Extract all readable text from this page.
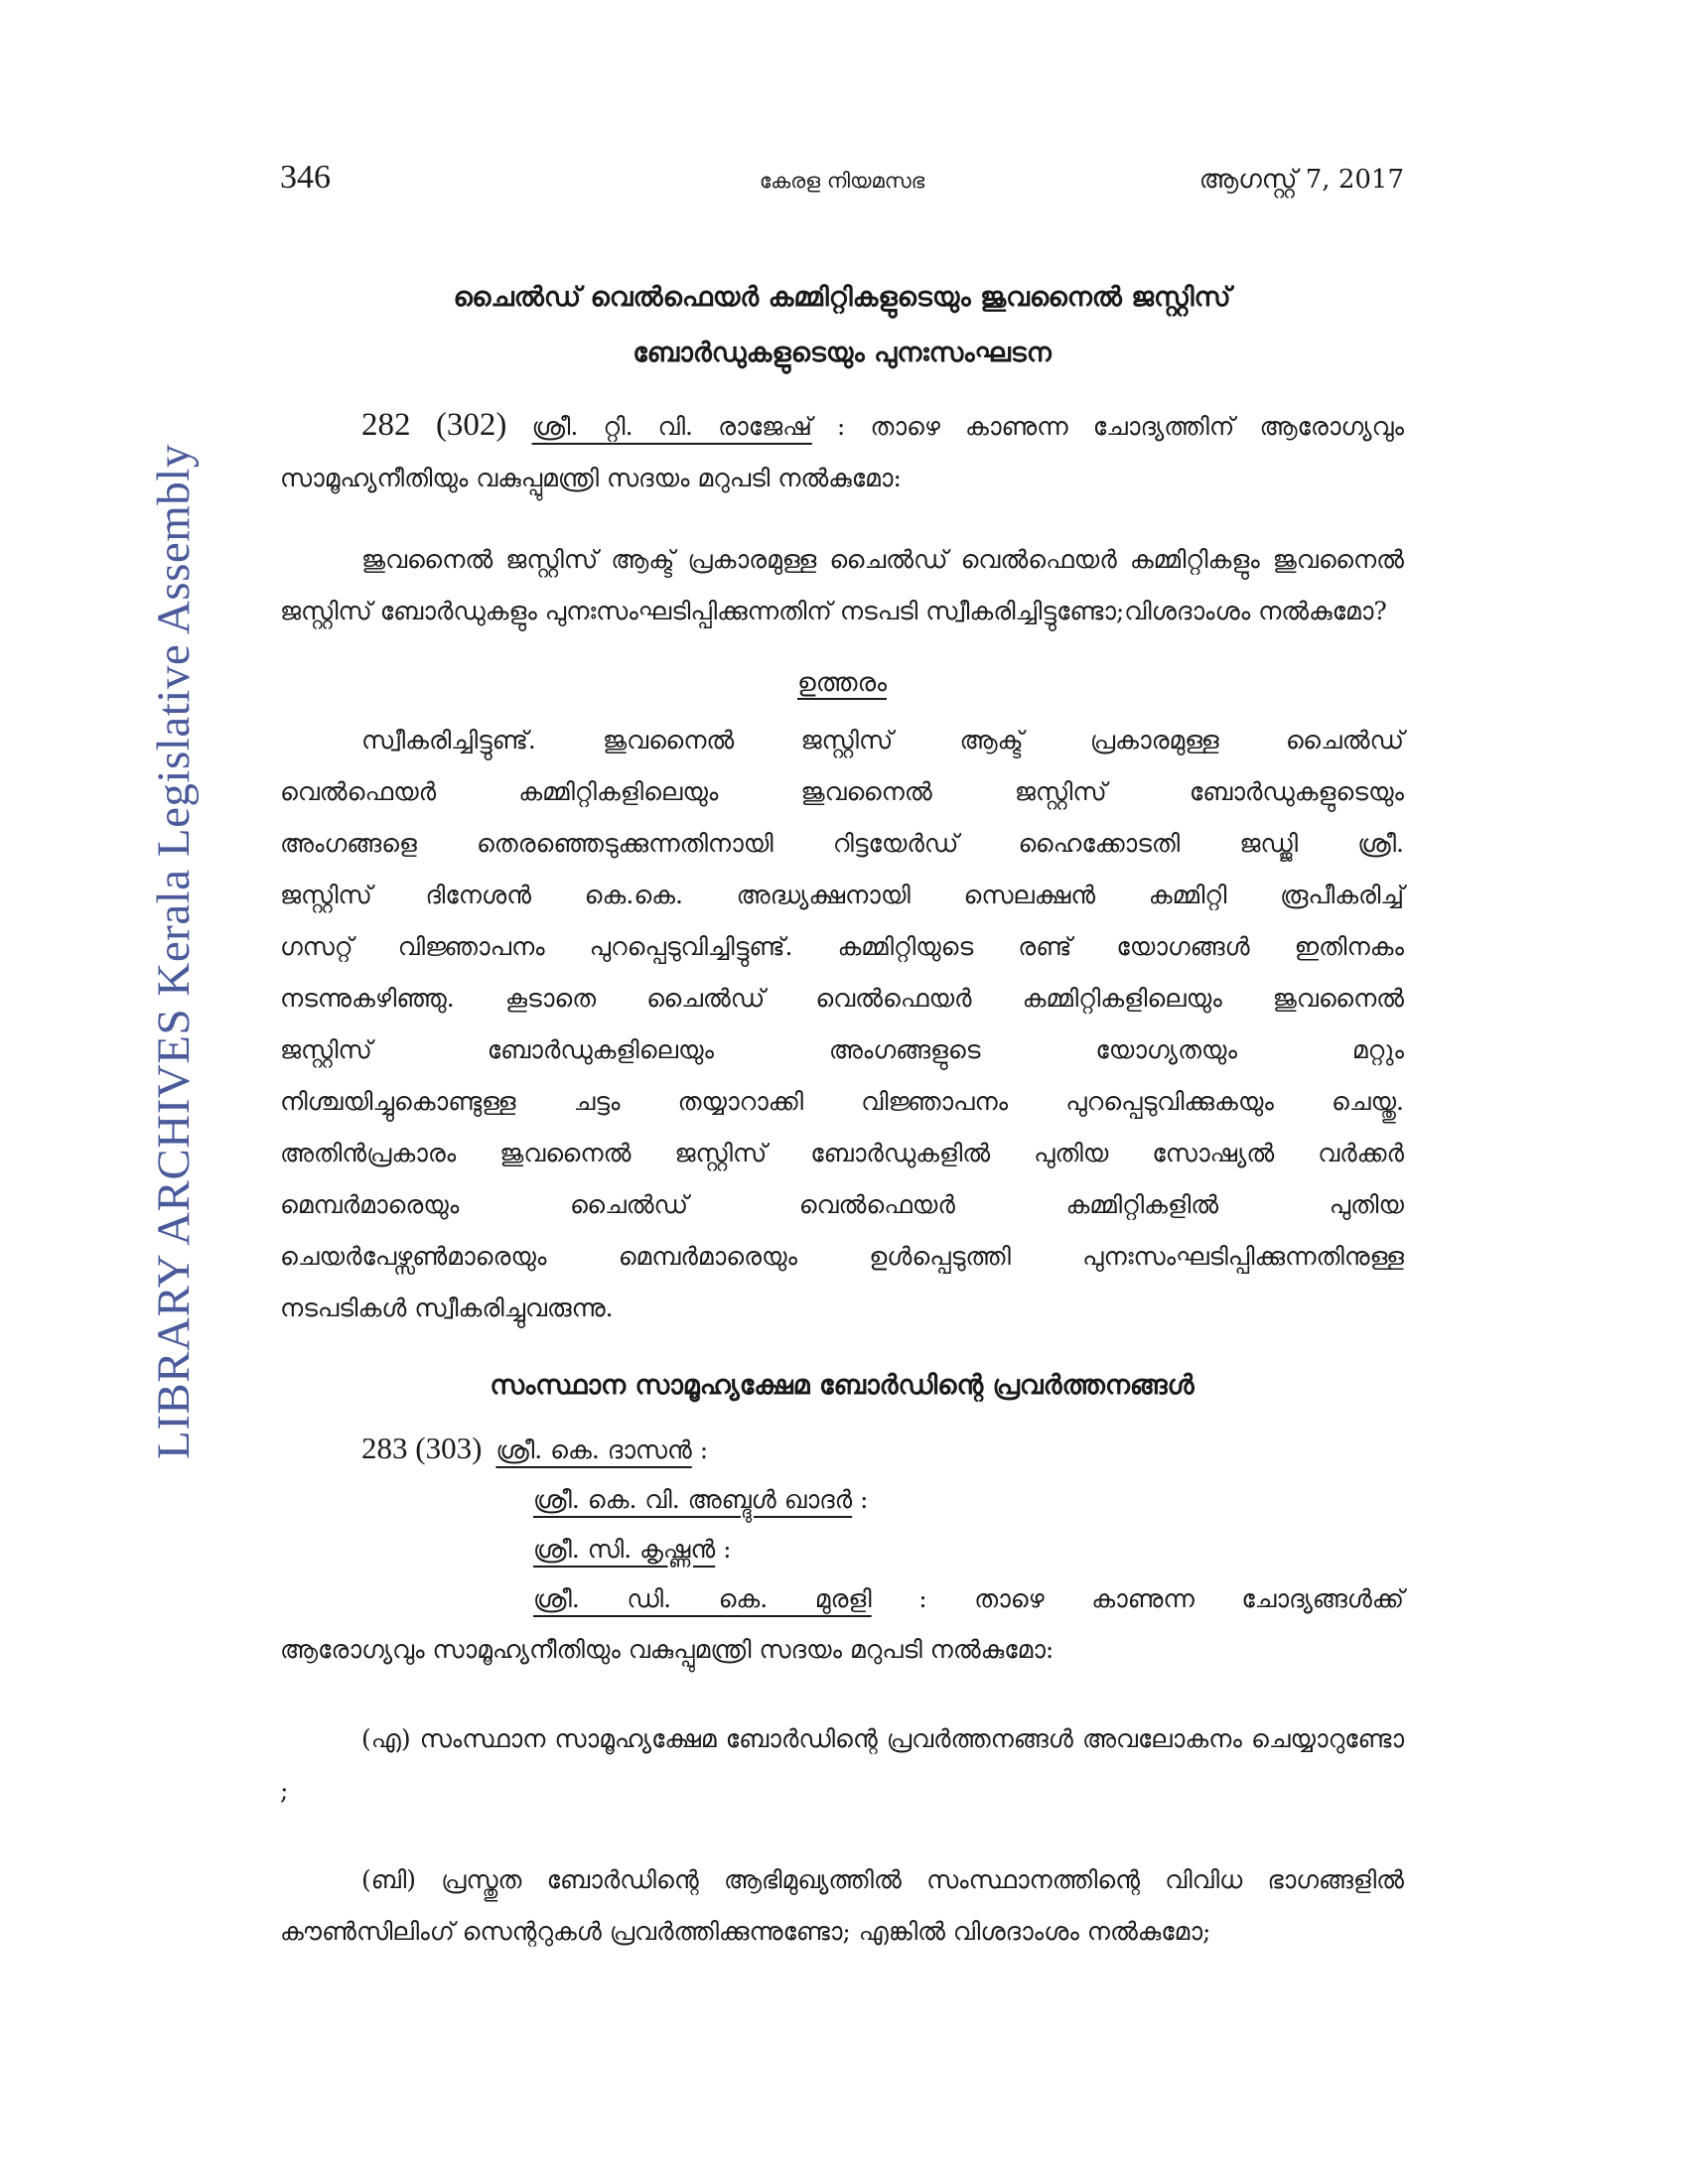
LIBRARY ARCHIVES Kerala Legislative Assembly
346	കേരള നിയമസഭ	ആഗസ്റ്റ് 7, 2017

ചൈൽഡ് വെൽഫെയർ കമ്മിറ്റികളുടെയും ജുവനൈൽ ജസ്റ്റിസ്

ബോർഡുകളുടെയും പുനഃസംഘടന

282 (302) ശ്രീ. റ്റി. വി. രാജേഷ് : താഴെ കാണുന്ന ചോദ്യത്തിന് ആരോഗ്യവും സാമൂഹ്യനീതിയും വകുപ്പുമന്ത്രി സദയം മറുപടി നൽകുമോ:

ജുവനൈൽ ജസ്റ്റിസ് ആക്ട് പ്രകാരമുള്ള ചൈൽഡ് വെൽഫെയർ കമ്മിറ്റികളും ജുവനൈൽ ജസ്റ്റിസ് ബോർഡുകളും പുനഃസംഘടിപ്പിക്കുന്നതിന് നടപടി സ്വീകരിച്ചിട്ടുണ്ടോ;വിശദാംശം നൽകുമോ?

ഉത്തരം
സ്വീകരിച്ചിട്ടുണ്ട്. ജുവനൈൽ ജസ്റ്റിസ് ആക്ട് പ്രകാരമുള്ള ചൈൽഡ്
വെൽഫെയർ കമ്മിറ്റികളിലെയും ജുവനൈൽ ജസ്റ്റിസ് ബോർഡുകളുടെയും
അംഗങ്ങളെ തെരഞ്ഞെടുക്കുന്നതിനായി റിട്ടയേർഡ് ഹൈക്കോടതി ജഡ്ജി ശ്രീ.
ജസ്റ്റിസ് ദിനേശൻ കെ.കെ. അദ്ധ്യക്ഷനായി സെലക്ഷൻ കമ്മിറ്റി രൂപീകരിച്ച്
ഗസറ്റ് വിജ്ഞാപനം പുറപ്പെടുവിച്ചിട്ടുണ്ട്. കമ്മിറ്റിയുടെ രണ്ട് യോഗങ്ങൾ ഇതിനകം
നടന്നുകഴിഞ്ഞു. കൂടാതെ ചൈൽഡ് വെൽഫെയർ കമ്മിറ്റികളിലെയും ജുവനൈൽ
ജസ്റ്റിസ് ബോർഡുകളിലെയും അംഗങ്ങളുടെ യോഗ്യതയും മറ്റും
നിശ്ചയിച്ചുകൊണ്ടുള്ള ചട്ടം തയ്യാറാക്കി വിജ്ഞാപനം പുറപ്പെടുവിക്കുകയും ചെയ്തു.
അതിൻപ്രകാരം ജുവനൈൽ ജസ്റ്റിസ് ബോർഡുകളിൽ പുതിയ സോഷ്യൽ വർക്കർ
മെമ്പർമാരെയും ചൈൽഡ് വെൽഫെയർ കമ്മിറ്റികളിൽ പുതിയ
ചെയർപേഴ്സൺമാരെയും മെമ്പർമാരെയും ഉൾപ്പെടുത്തി പുനഃസംഘടിപ്പിക്കുന്നതിനുള്ള
നടപടികൾ സ്വീകരിച്ചുവരുന്നു.

സംസ്ഥാന സാമൂഹ്യക്ഷേമ ബോർഡിന്റെ പ്രവർത്തനങ്ങൾ

283 (303) ശ്രീ. കെ. ദാസൻ :
ശ്രീ. കെ. വി. അബ്ദുൾ ഖാദർ :
ശ്രീ. സി. കൃഷ്ണൻ :
ശ്രീ. ഡി. കെ. മുരളി : താഴെ കാണുന്ന ചോദ്യങ്ങൾക്ക്
ആരോഗ്യവും സാമൂഹ്യനീതിയും വകുപ്പുമന്ത്രി സദയം മറുപടി നൽകുമോ:

(എ) സംസ്ഥാന സാമൂഹ്യക്ഷേമ ബോർഡിന്റെ പ്രവർത്തനങ്ങൾ അവലോകനം ചെയ്യാറുണ്ടോ ;

(ബി) പ്രസ്തുത ബോർഡിന്റെ ആഭിമുഖ്യത്തിൽ സംസ്ഥാനത്തിന്റെ വിവിധ ഭാഗങ്ങളിൽ കൗൺസിലിംഗ് സെന്ററുകൾ പ്രവർത്തിക്കുന്നുണ്ടോ; എങ്കിൽ വിശദാംശം നൽകുമോ;
